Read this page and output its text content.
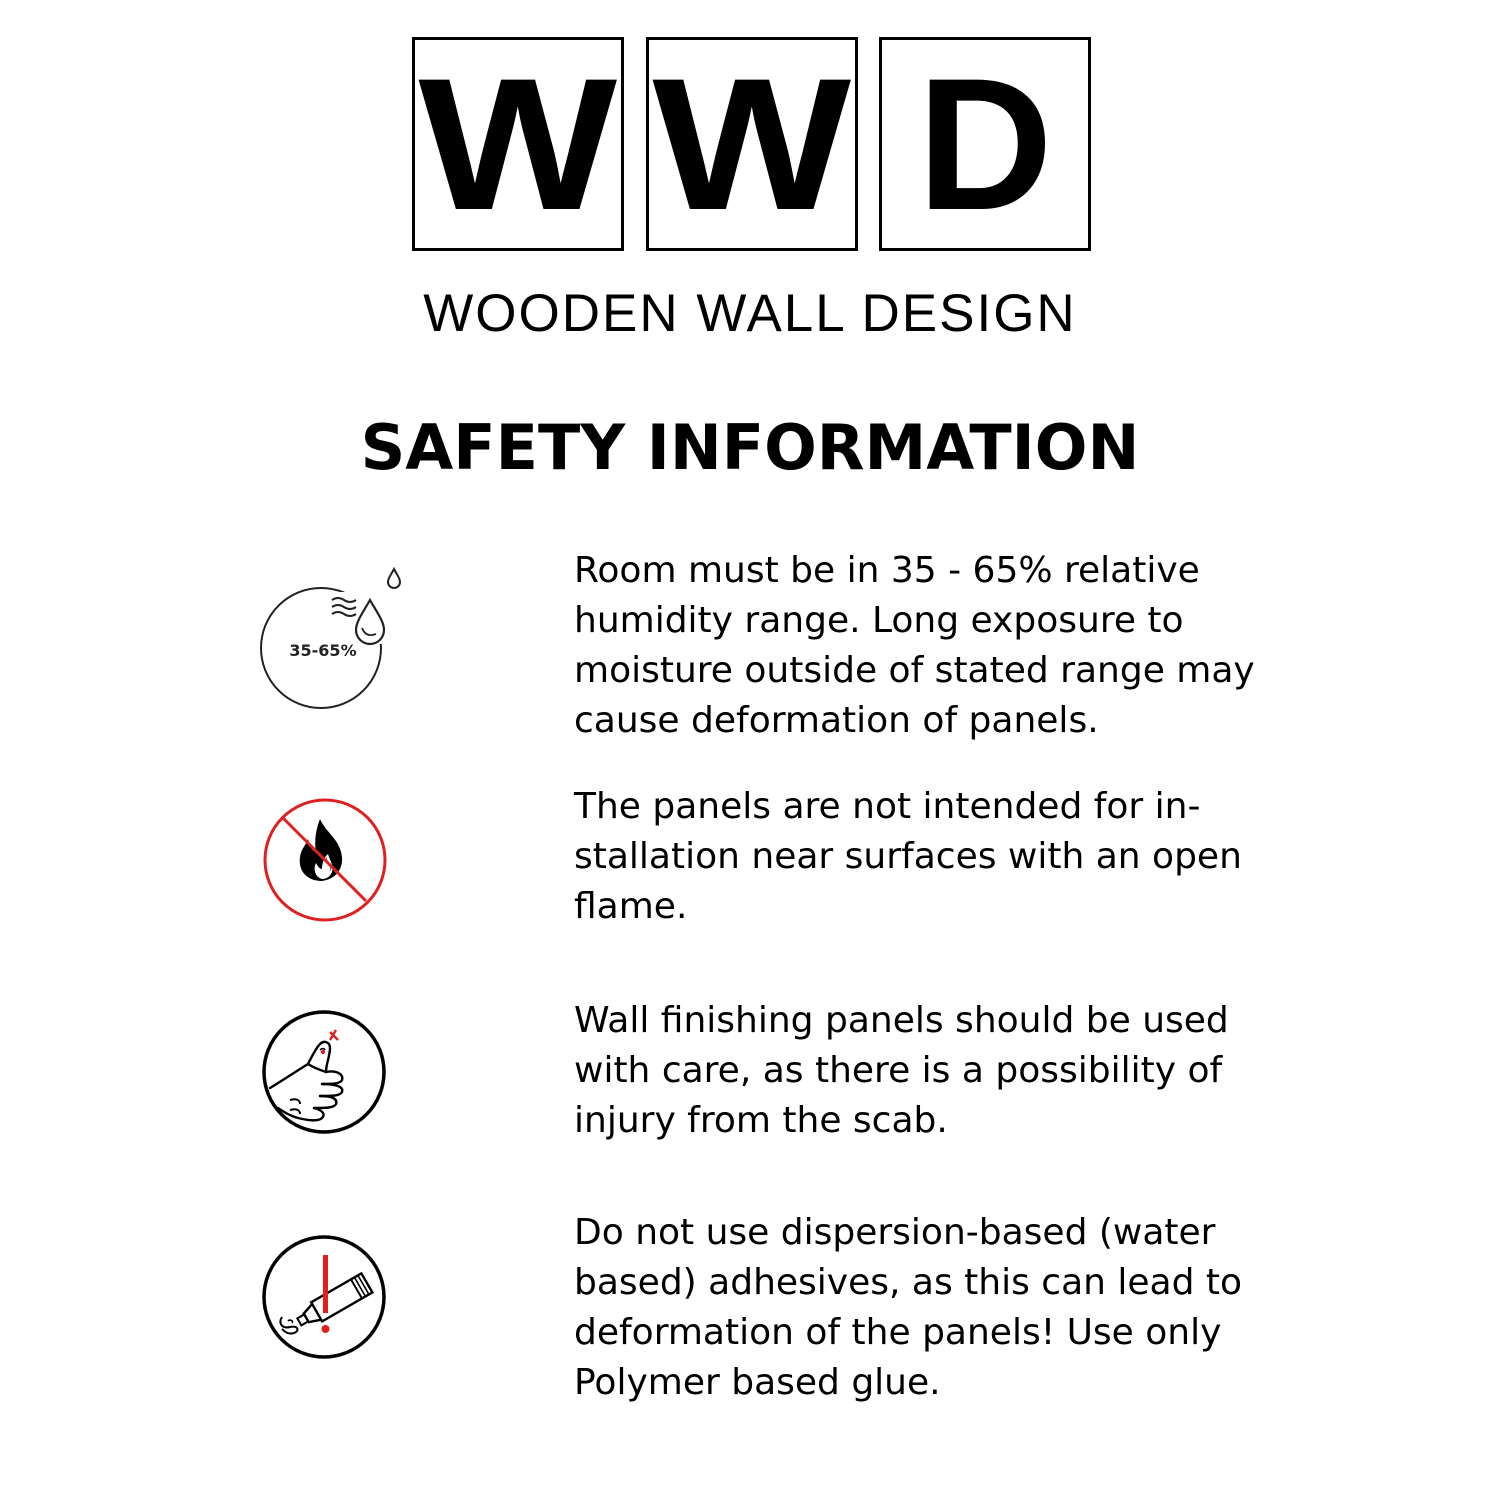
W W D
WOODEN WALL DESIGN
SAFETY INFORMATION
35-65%
Room must be in 35 - 65% relative
humidity range. Long exposure to
moisture outside of stated range may
cause deformation of panels.
The panels are not intended for in-
stallation near surfaces with an open
flame.
Wall finishing panels should be used
with care, as there is a possibility of
injury from the scab.
Do not use dispersion-based (water
based) adhesives, as this can lead to
deformation of the panels! Use only
Polymer based glue.
